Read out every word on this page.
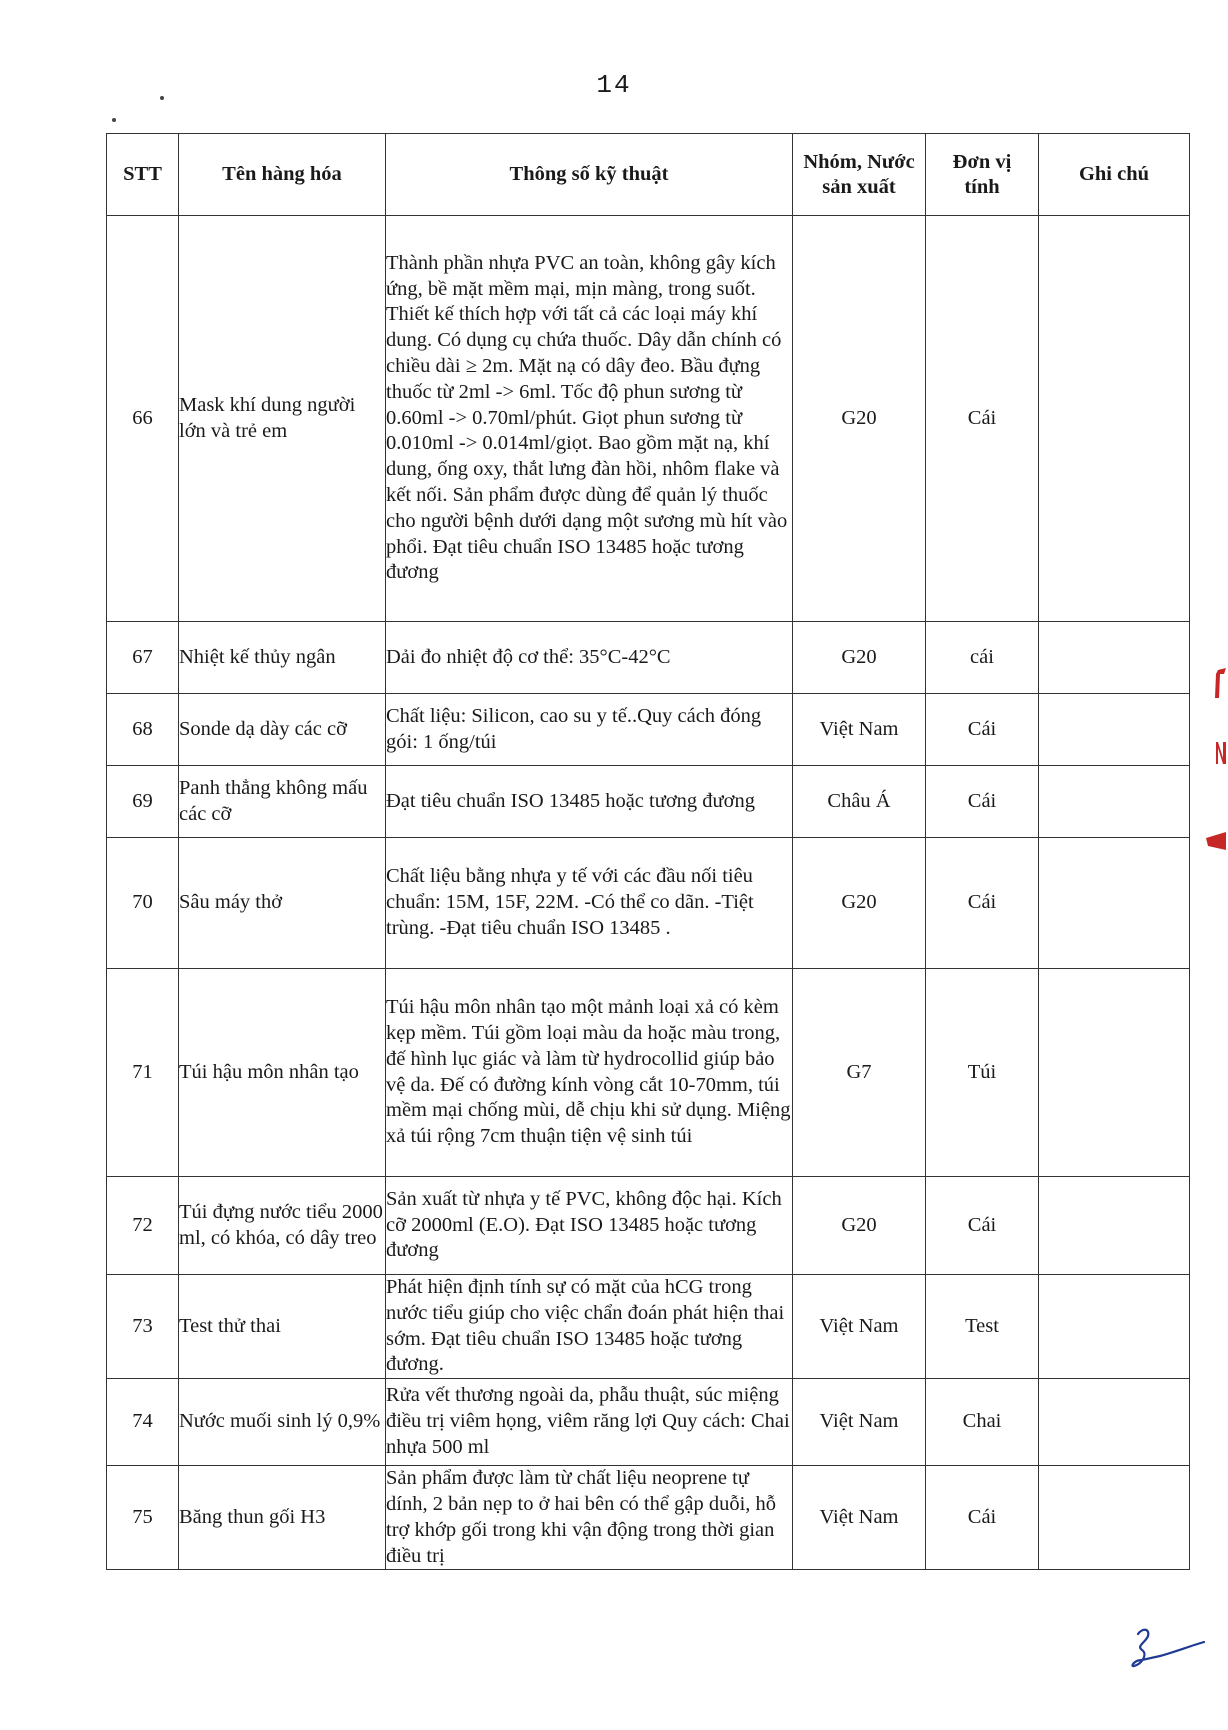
14
STT	Tên hàng hóa	Thông số kỹ thuật	Nhóm, Nước sản xuất	Đơn vị tính	Ghi chú
66	Mask khí dung người lớn và trẻ em	Thành phần nhựa PVC an toàn, không gây kích ứng, bề mặt mềm mại, mịn màng, trong suốt. Thiết kế thích hợp với tất cả các loại máy khí dung. Có dụng cụ chứa thuốc. Dây dẫn chính có chiều dài ≥ 2m. Mặt nạ có dây đeo. Bầu đựng thuốc từ 2ml -> 6ml. Tốc độ phun sương từ 0.60ml -> 0.70ml/phút. Giọt phun sương từ 0.010ml -> 0.014ml/giọt. Bao gồm mặt nạ, khí dung, ống oxy, thắt lưng đàn hồi, nhôm flake và kết nối. Sản phẩm được dùng để quản lý thuốc cho người bệnh dưới dạng một sương mù hít vào phổi. Đạt tiêu chuẩn ISO 13485 hoặc tương đương	G20	Cái	
67	Nhiệt kế thủy ngân	Dải đo nhiệt độ cơ thể: 35°C-42°C	G20	cái	
68	Sonde dạ dày các cỡ	Chất liệu: Silicon, cao su y tế..Quy cách đóng gói: 1 ống/túi	Việt Nam	Cái	
69	Panh thẳng không mấu các cỡ	Đạt tiêu chuẩn ISO 13485 hoặc tương đương	Châu Á	Cái	
70	Sâu máy thở	Chất liệu bằng nhựa y tế với các đầu nối tiêu chuẩn: 15M, 15F, 22M. -Có thể co dãn. -Tiệt trùng. -Đạt tiêu chuẩn ISO 13485 .	G20	Cái	
71	Túi hậu môn nhân tạo	Túi hậu môn nhân tạo một mảnh loại xả có kèm kẹp mềm. Túi gồm loại màu da hoặc màu trong, đế hình lục giác và làm từ hydrocollid giúp bảo vệ da. Đế có đường kính vòng cắt 10-70mm, túi mềm mại chống mùi, dễ chịu khi sử dụng. Miệng xả túi rộng 7cm thuận tiện vệ sinh túi	G7	Túi	
72	Túi đựng nước tiểu 2000 ml, có khóa, có dây treo	Sản xuất từ nhựa y tế PVC, không độc hại. Kích cỡ 2000ml (E.O). Đạt ISO 13485 hoặc tương đương	G20	Cái	
73	Test thử thai	Phát hiện định tính sự có mặt của hCG trong nước tiểu giúp cho việc chẩn đoán phát hiện thai sớm. Đạt tiêu chuẩn ISO 13485 hoặc tương đương.	Việt Nam	Test	
74	Nước muối sinh lý 0,9%	Rửa vết thương ngoài da, phẫu thuật, súc miệng điều trị viêm họng, viêm răng lợi Quy cách: Chai nhựa 500 ml	Việt Nam	Chai	
75	Băng thun gối H3	Sản phẩm được làm từ chất liệu neoprene tự dính, 2 bản nẹp to ở hai bên có thể gập duỗi, hỗ trợ khớp gối trong khi vận động trong thời gian điều trị	Việt Nam	Cái	
